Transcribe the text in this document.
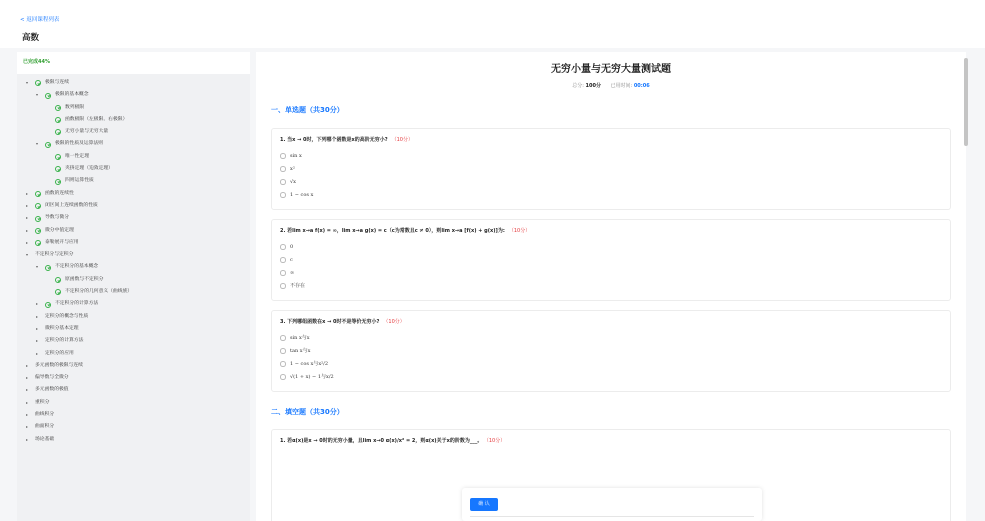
< 返回课程列表
高数
已完成44%
▾	极限与连续
▾	极限的基本概念
数列极限
函数极限（左极限、右极限）
无穷小量与无穷大量
▾	极限的性质及运算法则
唯一性定理
夹挤定理（迫敛定理）
四则运算性质
▸	函数的连续性
▸	闭区间上连续函数的性质
▸	导数与微分
▸	微分中值定理
▸	泰勒展开与应用
▾	不定积分与定积分
▾	不定积分的基本概念
原函数与不定积分
不定积分的几何意义（曲线族）
▸	不定积分的计算方法
▸	定积分的概念与性质
▸	微积分基本定理
▸	定积分的计算方法
▸	定积分的应用
▸	多元函数的极限与连续
▸	偏导数与全微分
▸	多元函数的极值
▸	重积分
▸	曲线积分
▸	曲面积分
▸	场论基础
无穷小量与无穷大量测试题
总分: 100分 已用时间: 00:06
一、单选题（共30分）
1. 当x → 0时，下列哪个函数是x的高阶无穷小? （10分）
sin x
x²
√x
1 − cos x
2. 若lim x→a f(x) = ∞，lim x→a g(x) = c（c为常数且c ≠ 0），则lim x→a [f(x) + g(x)]为: （10分）
0
c
∞
不存在
3. 下列哪组函数在x → 0时不是等价无穷小? （10分）
sin x与x
tan x与x
1 − cos x与x²/2
√(1 + x) − 1与x/2
二、填空题（共30分）
1. 若α(x)是x → 0时的无穷小量，且lim x→0 α(x)/x² = 2，则α(x)关于x的阶数为___。 （10分）
确 认
